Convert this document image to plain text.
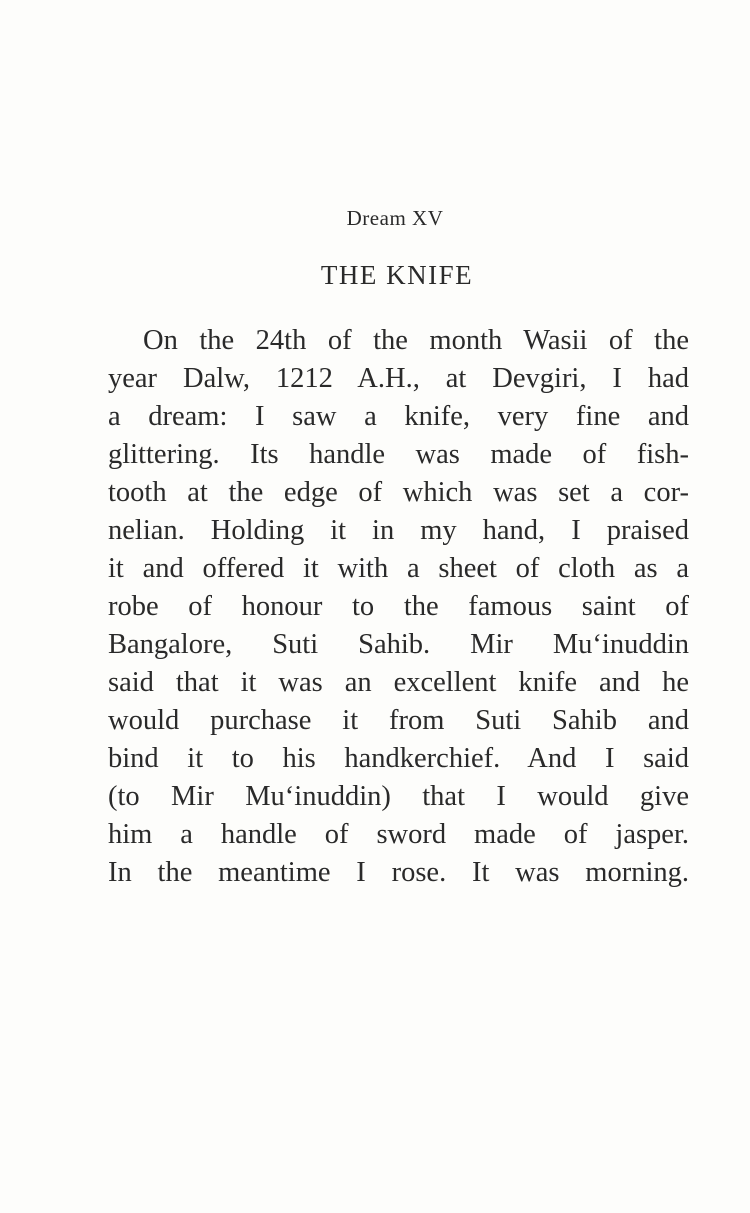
Dream XV
THE KNIFE
On the 24th of the month Wasii of the
year Dalw, 1212 A.H., at Devgiri, I had
a dream: I saw a knife, very fine and
glittering. Its handle was made of fish-
tooth at the edge of which was set a cor-
nelian. Holding it in my hand, I praised
it and offered it with a sheet of cloth as a
robe of honour to the famous saint of
Bangalore, Suti Sahib. Mir Mu‘inuddin
said that it was an excellent knife and he
would purchase it from Suti Sahib and
bind it to his handkerchief. And I said
(to Mir Mu‘inuddin) that I would give
him a handle of sword made of jasper.
In the meantime I rose. It was morning.
